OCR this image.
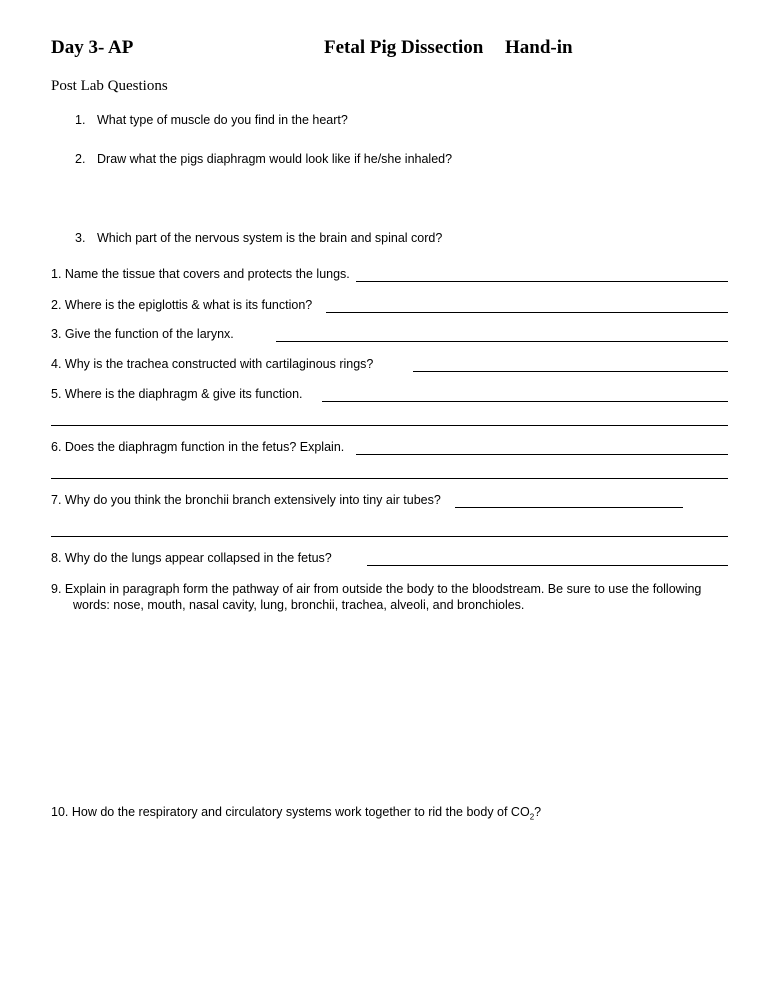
Day 3- AP	Fetal Pig Dissection Hand-in
Post Lab Questions
1. What type of muscle do you find in the heart?
2. Draw what the pigs diaphragm would look like if he/she inhaled?
3. Which part of the nervous system is the brain and spinal cord?
1. Name the tissue that covers and protects the lungs.
2. Where is the epiglottis & what is its function?
3. Give the function of the larynx.
4. Why is the trachea constructed with cartilaginous rings?
5. Where is the diaphragm & give its function.
6. Does the diaphragm function in the fetus? Explain.
7. Why do you think the bronchii branch extensively into tiny air tubes?
8. Why do the lungs appear collapsed in the fetus?
9. Explain in paragraph form the pathway of air from outside the body to the bloodstream. Be sure to use the following
words: nose, mouth, nasal cavity, lung, bronchii, trachea, alveoli, and bronchioles.
10. How do the respiratory and circulatory systems work together to rid the body of $CO_2$?
